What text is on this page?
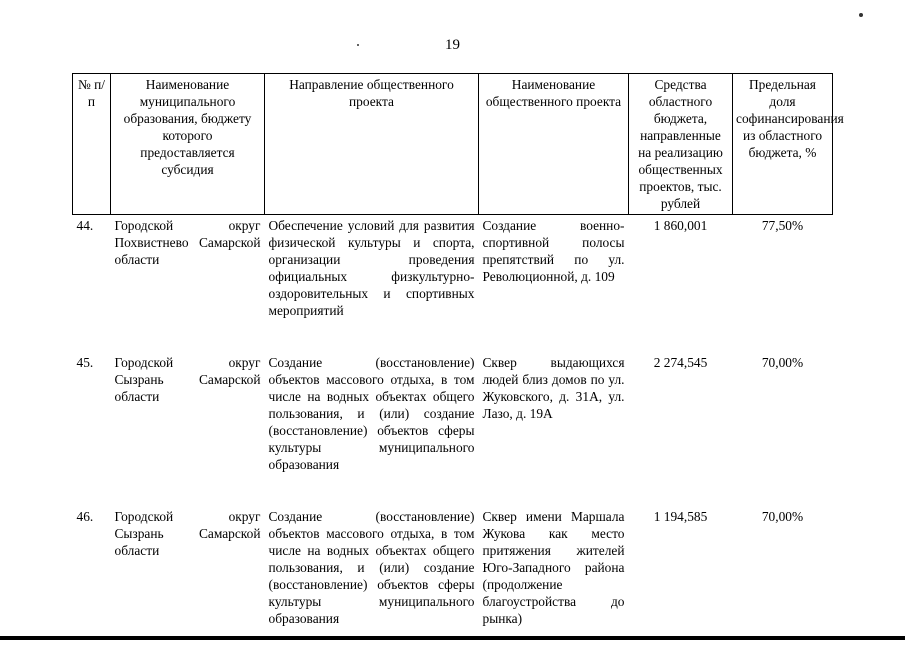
19
№ п/п	Наименование муниципального образования, бюджету которого предоставляется субсидия	Направление общественного проекта	Наименование общественного проекта	Средства областного бюджета, направленные на реализацию общественных проектов, тыс. рублей	Предельная доля софинансирования из областного бюджета, %
44.	Городской округ Похвистнево Самарской области	Обеспечение условий для развития физической культуры и спорта, организации проведения официальных физкультурно-оздоровительных и спортивных мероприятий	Создание военно-спортивной полосы препятствий по ул. Революционной, д. 109	1 860,001	77,50%
45.	Городской округ Сызрань Самарской области	Создание (восстановление) объектов массового отдыха, в том числе на водных объектах общего пользования, и (или) создание (восстановление) объектов сферы культуры муниципального образования	Сквер выдающихся людей близ домов по ул. Жуковского, д. 31А, ул. Лазо, д. 19А	2 274,545	70,00%
46.	Городской округ Сызрань Самарской области	Создание (восстановление) объектов массового отдыха, в том числе на водных объектах общего пользования, и (или) создание (восстановление) объектов сферы культуры муниципального образования	Сквер имени Маршала Жукова как место притяжения жителей Юго-Западного района (продолжение благоустройства до рынка)	1 194,585	70,00%
